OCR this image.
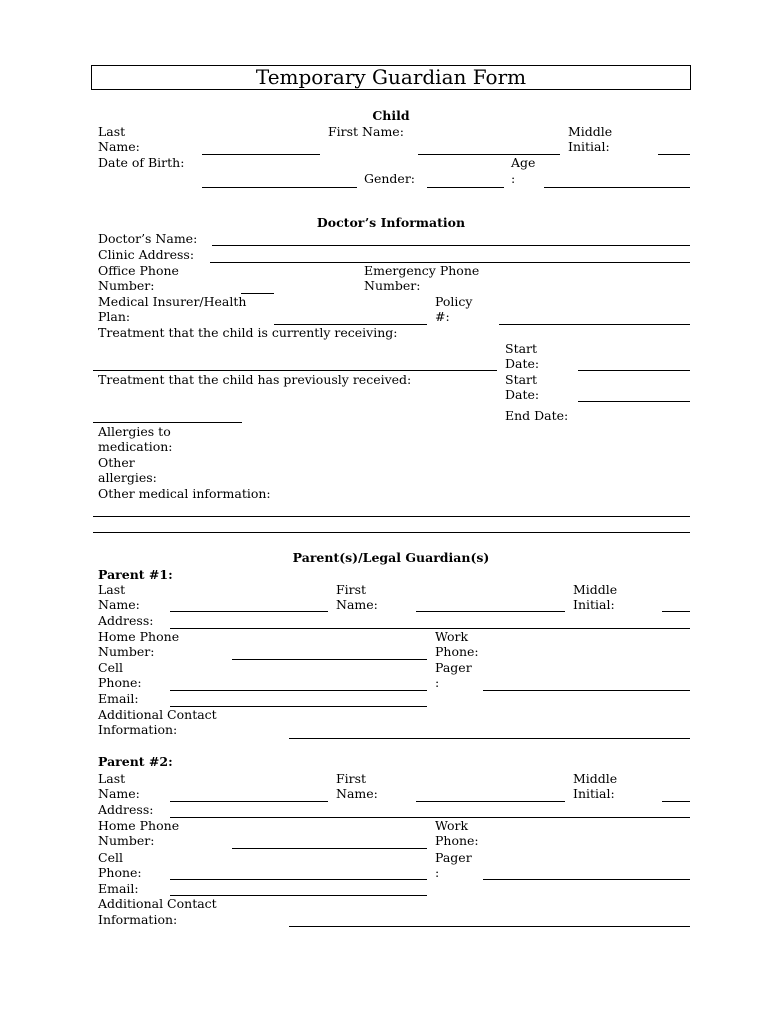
Temporary Guardian Form
Child
Last
Name:
First Name:	Middle
Initial:
Date of Birth:
Gender:
Age
:
Doctor’s Information
Doctor’s Name:
Clinic Address:
Office Phone
Number:
Emergency Phone
Number:
Medical Insurer/Health
Plan:
Policy
#:
Treatment that the child is currently receiving:
Start
Date:
Treatment that the child has previously received:	Start
Date:
End Date:
Allergies to
medication:
Other
allergies:
Other medical information:
Parent(s)/Legal Guardian(s)
Parent #1:
Last
Name:
First
Name:
Middle
Initial:
Address:
Home Phone
Number:
Work
Phone:
Cell
Phone:
Pager
:
Email:
Additional Contact
Information:
Parent #2:
Last
Name:
First
Name:
Middle
Initial:
Address:
Home Phone
Number:
Work
Phone:
Cell
Phone:
Pager
:
Email:
Additional Contact
Information:
